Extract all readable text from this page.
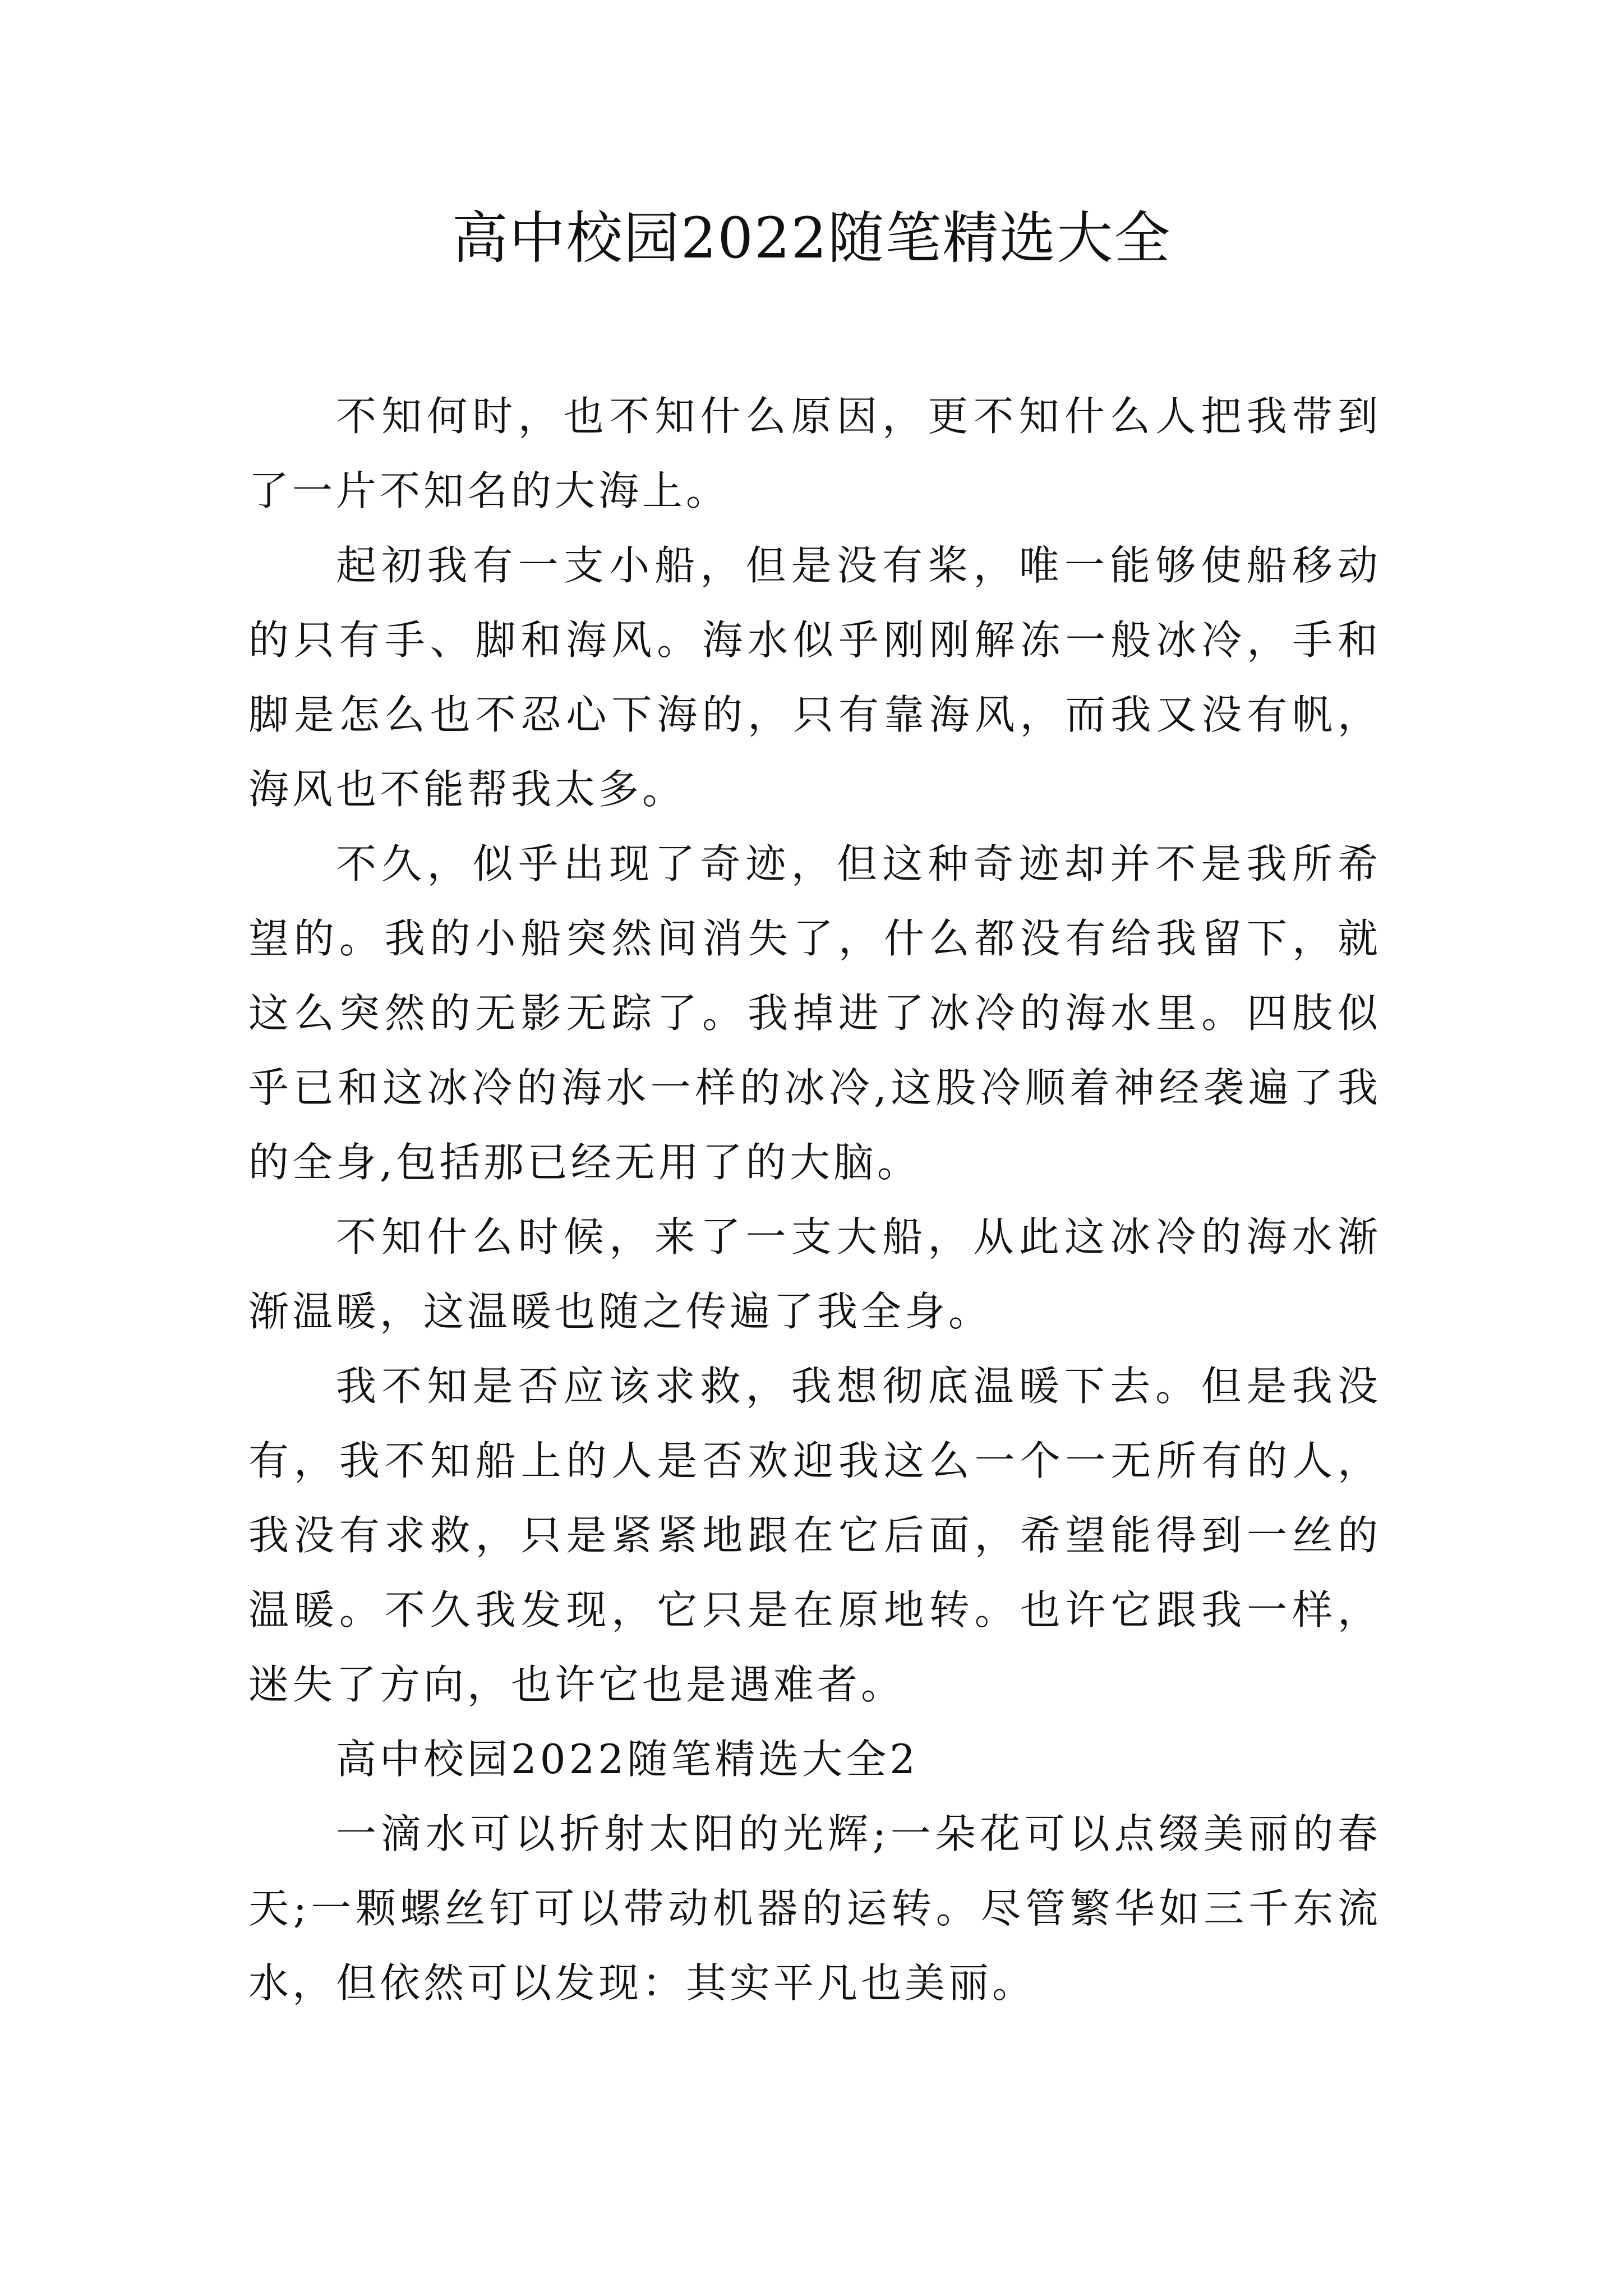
高中校园2022随笔精选大全

不知何时，也不知什么原因，更不知什么人把我带到了一片不知名的大海上。

起初我有一支小船，但是没有桨，唯一能够使船移动的只有手、脚和海风。海水似乎刚刚解冻一般冰冷，手和脚是怎么也不忍心下海的，只有靠海风，而我又没有帆，海风也不能帮我太多。

不久，似乎出现了奇迹，但这种奇迹却并不是我所希望的。我的小船突然间消失了，什么都没有给我留下，就这么突然的无影无踪了。我掉进了冰冷的海水里。四肢似乎已和这冰冷的海水一样的冰冷,这股冷顺着神经袭遍了我的全身,包括那已经无用了的大脑。

不知什么时候，来了一支大船，从此这冰冷的海水渐渐温暖，这温暖也随之传遍了我全身。

我不知是否应该求救，我想彻底温暖下去。但是我没有，我不知船上的人是否欢迎我这么一个一无所有的人，我没有求救，只是紧紧地跟在它后面，希望能得到一丝的温暖。不久我发现，它只是在原地转。也许它跟我一样，迷失了方向，也许它也是遇难者。

高中校园2022随笔精选大全2

一滴水可以折射太阳的光辉;一朵花可以点缀美丽的春天;一颗螺丝钉可以带动机器的运转。尽管繁华如三千东流水，但依然可以发现：其实平凡也美丽。
